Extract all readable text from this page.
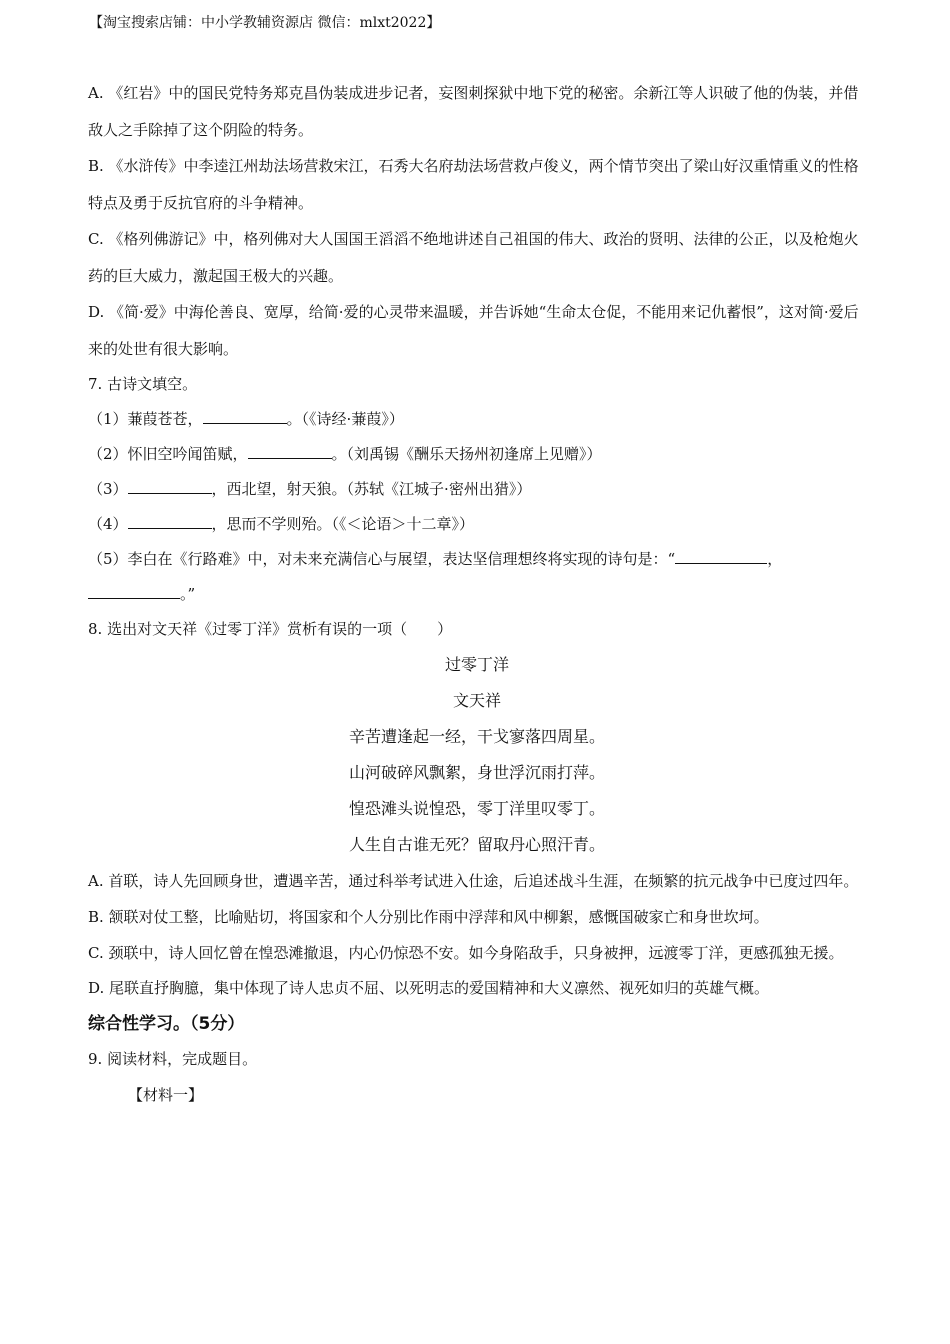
【淘宝搜索店铺：中小学教辅资源店 微信：mlxt2022】

A. 《红岩》中的国民党特务郑克昌伪装成进步记者，妄图刺探狱中地下党的秘密。余新江等人识破了他的伪装，并借敌人之手除掉了这个阴险的特务。

B. 《水浒传》中李逵江州劫法场营救宋江，石秀大名府劫法场营救卢俊义，两个情节突出了梁山好汉重情重义的性格特点及勇于反抗官府的斗争精神。

C. 《格列佛游记》中，格列佛对大人国国王滔滔不绝地讲述自己祖国的伟大、政治的贤明、法律的公正，以及枪炮火药的巨大威力，激起国王极大的兴趣。

D. 《简·爱》中海伦善良、宽厚，给简·爱的心灵带来温暖，并告诉她“生命太仓促，不能用来记仇蓄恨”，这对简·爱后来的处世有很大影响。

7. 古诗文填空。

（1）蒹葭苍苍，	。（《诗经·蒹葭》）

（2）怀旧空吟闻笛赋，	。（刘禹锡《酬乐天扬州初逢席上见赠》）

（3）	，西北望，射天狼。（苏轼《江城子·密州出猎》）

（4）	，思而不学则殆。（《＜论语＞十二章》）

（5）李白在《行路难》中，对未来充满信心与展望，表达坚信理想终将实现的诗句是：“	，
。”

8. 选出对文天祥《过零丁洋》赏析有误的一项（　　）

过零丁洋

文天祥

辛苦遭逢起一经，干戈寥落四周星。

山河破碎风飘絮，身世浮沉雨打萍。

惶恐滩头说惶恐，零丁洋里叹零丁。

人生自古谁无死？留取丹心照汗青。

A. 首联，诗人先回顾身世，遭遇辛苦，通过科举考试进入仕途，后追述战斗生涯，在频繁的抗元战争中已度过四年。

B. 颔联对仗工整，比喻贴切，将国家和个人分别比作雨中浮萍和风中柳絮，感慨国破家亡和身世坎坷。

C. 颈联中，诗人回忆曾在惶恐滩撤退，内心仍惊恐不安。如今身陷敌手，只身被押，远渡零丁洋，更感孤独无援。

D. 尾联直抒胸臆，集中体现了诗人忠贞不屈、以死明志的爱国精神和大义凛然、视死如归的英雄气概。

综合性学习。（5分）

9. 阅读材料，完成题目。

【材料一】
